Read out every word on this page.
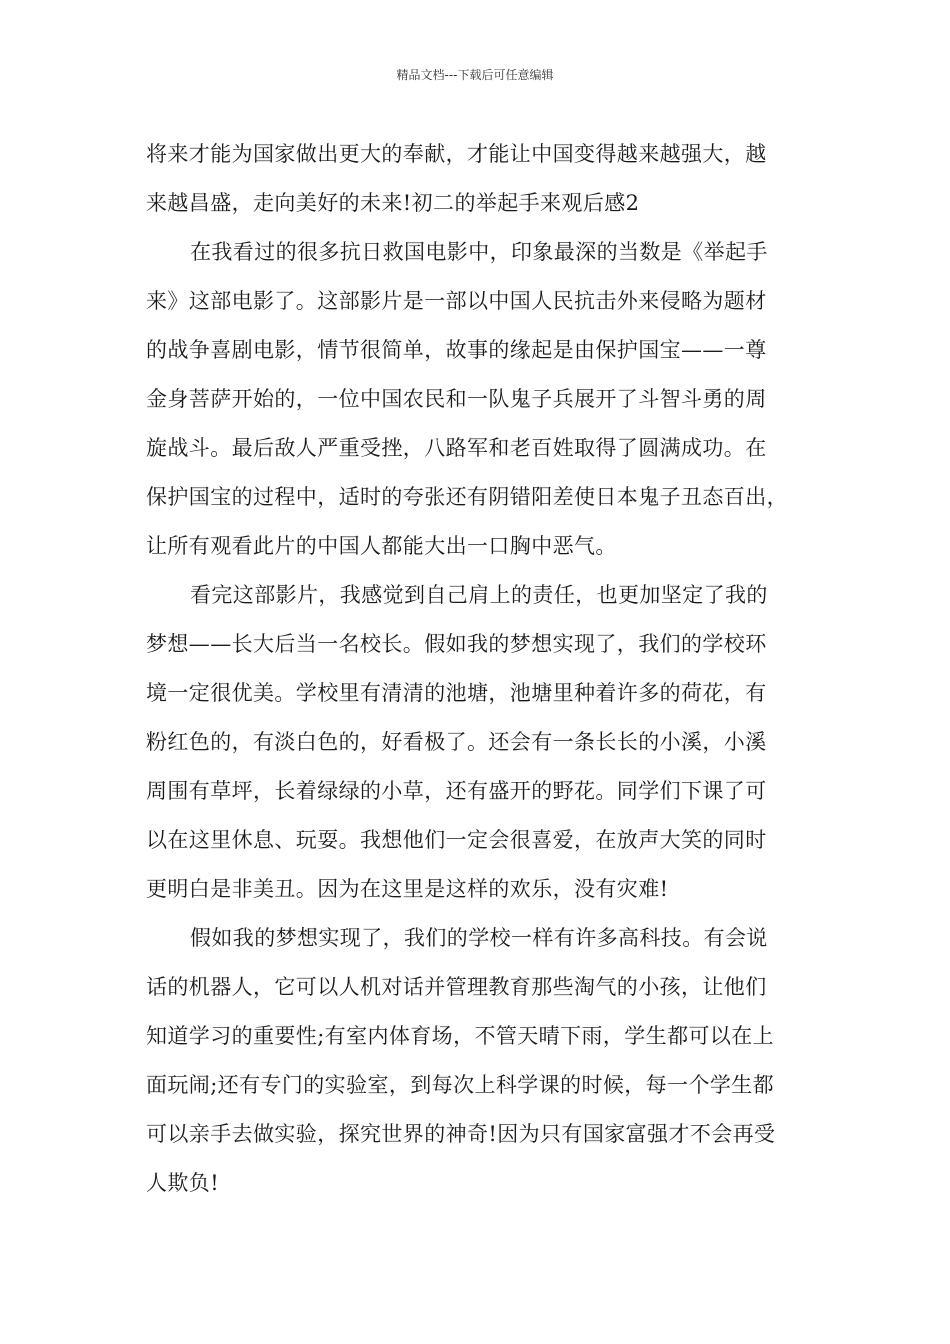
精品文档---下载后可任意编辑
将来才能为国家做出更大的奉献，才能让中国变得越来越强大，越
来越昌盛，走向美好的未来!初二的举起手来观后感2
在我看过的很多抗日救国电影中，印象最深的当数是《举起手
来》这部电影了。这部影片是一部以中国人民抗击外来侵略为题材
的战争喜剧电影，情节很简单，故事的缘起是由保护国宝——一尊
金身菩萨开始的，一位中国农民和一队鬼子兵展开了斗智斗勇的周
旋战斗。最后敌人严重受挫，八路军和老百姓取得了圆满成功。在
保护国宝的过程中，适时的夸张还有阴错阳差使日本鬼子丑态百出，
让所有观看此片的中国人都能大出一口胸中恶气。
看完这部影片，我感觉到自己肩上的责任，也更加坚定了我的
梦想——长大后当一名校长。假如我的梦想实现了，我们的学校环
境一定很优美。学校里有清清的池塘，池塘里种着许多的荷花，有
粉红色的，有淡白色的，好看极了。还会有一条长长的小溪，小溪
周围有草坪，长着绿绿的小草，还有盛开的野花。同学们下课了可
以在这里休息、玩耍。我想他们一定会很喜爱，在放声大笑的同时
更明白是非美丑。因为在这里是这样的欢乐，没有灾难!
假如我的梦想实现了，我们的学校一样有许多高科技。有会说
话的机器人，它可以人机对话并管理教育那些淘气的小孩，让他们
知道学习的重要性;有室内体育场，不管天晴下雨，学生都可以在上
面玩闹;还有专门的实验室，到每次上科学课的时候，每一个学生都
可以亲手去做实验，探究世界的神奇!因为只有国家富强才不会再受
人欺负!
